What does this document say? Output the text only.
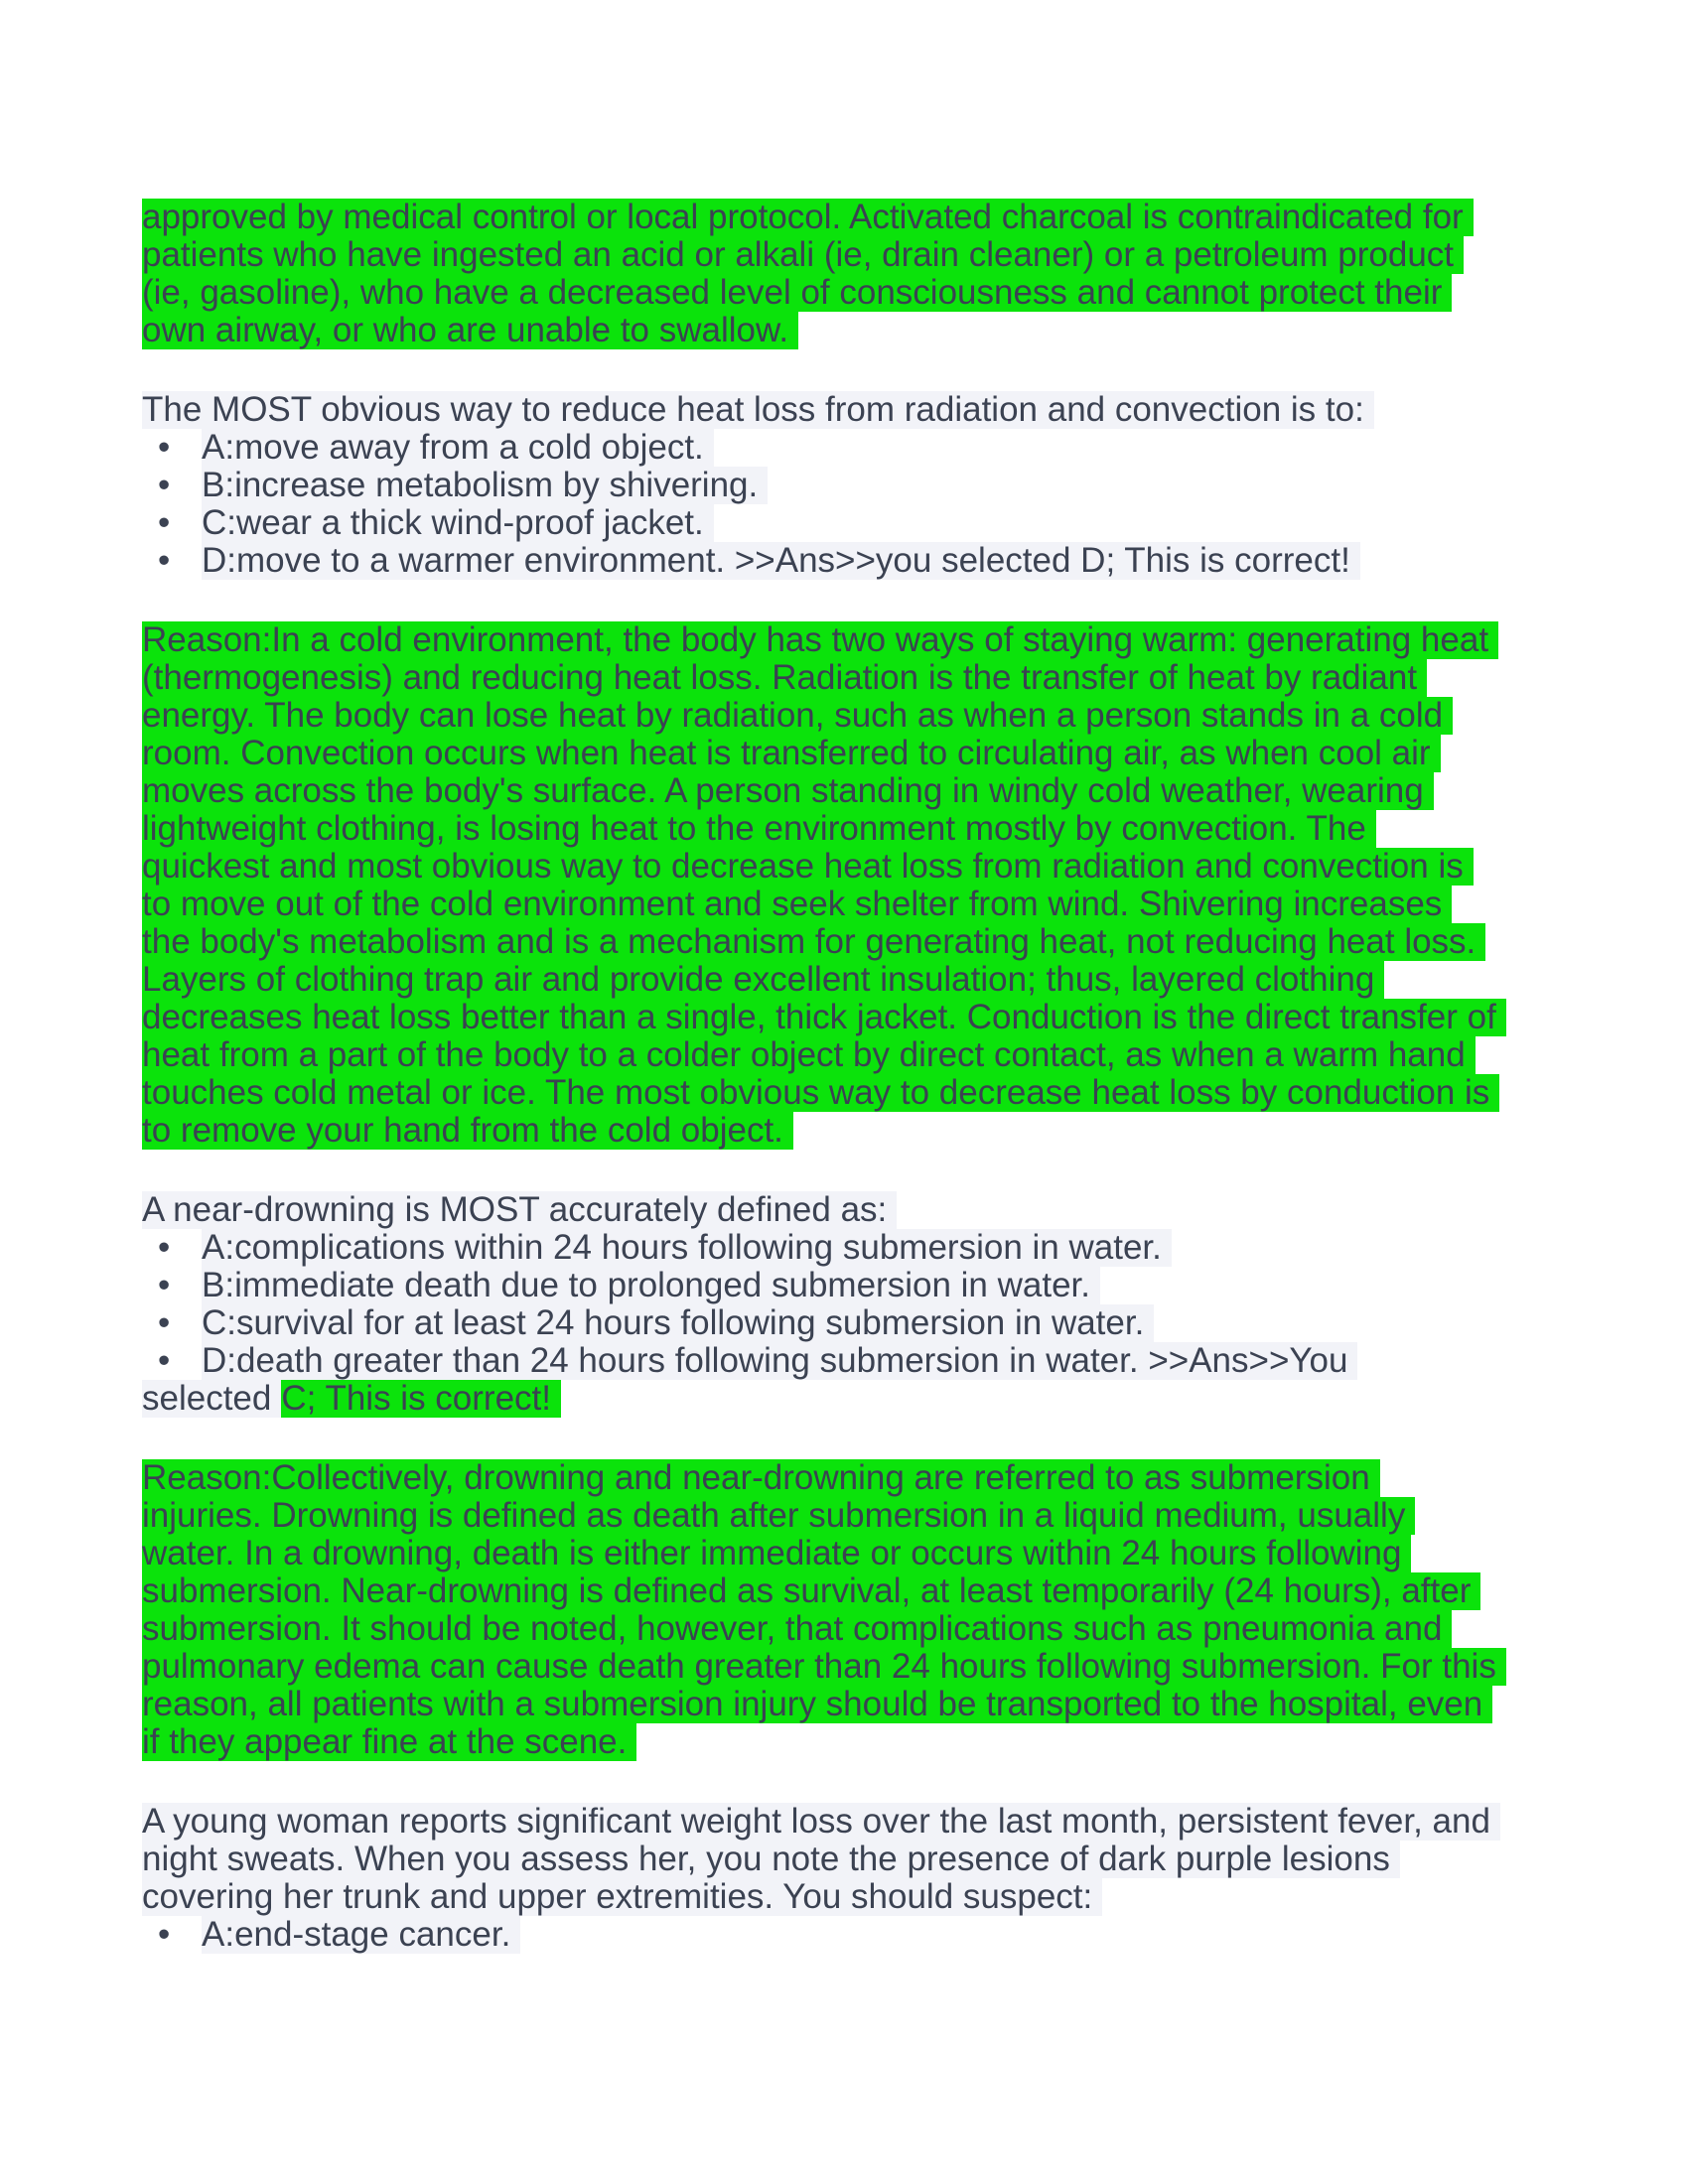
approved by medical control or local protocol. Activated charcoal is contraindicated for
patients who have ingested an acid or alkali (ie, drain cleaner) or a petroleum product
(ie, gasoline), who have a decreased level of consciousness and cannot protect their
own airway, or who are unable to swallow.
The MOST obvious way to reduce heat loss from radiation and convection is to:
• A:move away from a cold object.
• B:increase metabolism by shivering.
• C:wear a thick wind-proof jacket.
• D:move to a warmer environment. >>Ans>>you selected D; This is correct!
Reason:In a cold environment, the body has two ways of staying warm: generating heat
(thermogenesis) and reducing heat loss. Radiation is the transfer of heat by radiant
energy. The body can lose heat by radiation, such as when a person stands in a cold
room. Convection occurs when heat is transferred to circulating air, as when cool air
moves across the body's surface. A person standing in windy cold weather, wearing
lightweight clothing, is losing heat to the environment mostly by convection. The
quickest and most obvious way to decrease heat loss from radiation and convection is
to move out of the cold environment and seek shelter from wind. Shivering increases
the body's metabolism and is a mechanism for generating heat, not reducing heat loss.
Layers of clothing trap air and provide excellent insulation; thus, layered clothing
decreases heat loss better than a single, thick jacket. Conduction is the direct transfer of
heat from a part of the body to a colder object by direct contact, as when a warm hand
touches cold metal or ice. The most obvious way to decrease heat loss by conduction is
to remove your hand from the cold object.
A near-drowning is MOST accurately defined as:
• A:complications within 24 hours following submersion in water.
• B:immediate death due to prolonged submersion in water.
• C:survival for at least 24 hours following submersion in water.
• D:death greater than 24 hours following submersion in water. >>Ans>>You
selectedC; This is correct!
Reason:Collectively, drowning and near-drowning are referred to as submersion
injuries. Drowning is defined as death after submersion in a liquid medium, usually
water. In a drowning, death is either immediate or occurs within 24 hours following
submersion. Near-drowning is defined as survival, at least temporarily (24 hours), after
submersion. It should be noted, however, that complications such as pneumonia and
pulmonary edema can cause death greater than 24 hours following submersion. For this
reason, all patients with a submersion injury should be transported to the hospital, even
if they appear fine at the scene.
A young woman reports significant weight loss over the last month, persistent fever, and
night sweats. When you assess her, you note the presence of dark purple lesions
covering her trunk and upper extremities. You should suspect:
• A:end-stage cancer.
